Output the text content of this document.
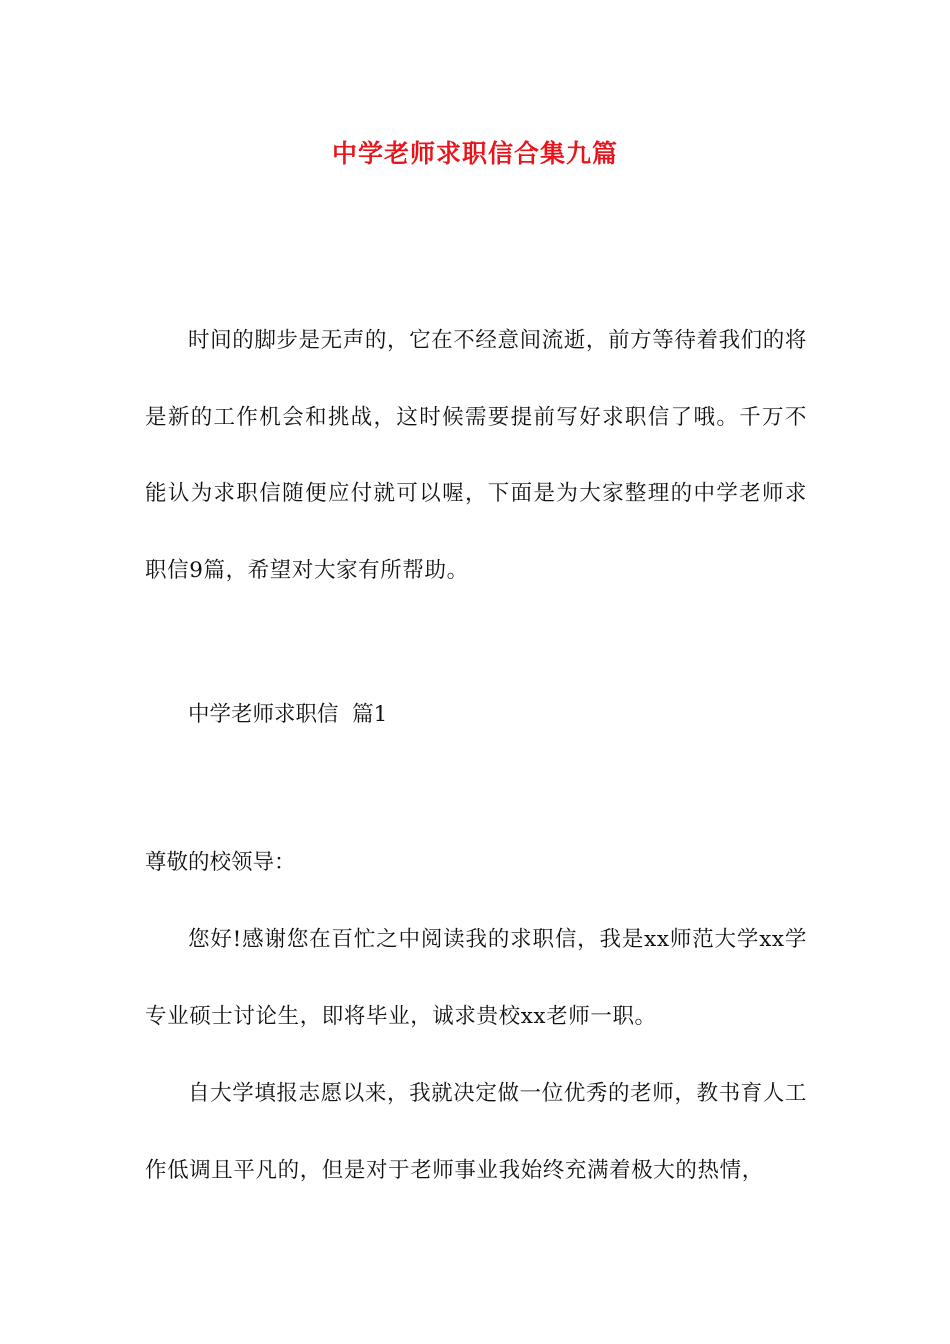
中学老师求职信合集九篇
时间的脚步是无声的，它在不经意间流逝，前方等待着我们的将是新的工作机会和挑战，这时候需要提前写好求职信了哦。千万不能认为求职信随便应付就可以喔，下面是为大家整理的中学老师求职信9篇，希望对大家有所帮助。
中学老师求职信  篇1
尊敬的校领导：
您好!感谢您在百忙之中阅读我的求职信，我是xx师范大学xx学专业硕士讨论生，即将毕业，诚求贵校xx老师一职。
自大学填报志愿以来，我就决定做一位优秀的老师，教书育人工作低调且平凡的，但是对于老师事业我始终充满着极大的热情，
